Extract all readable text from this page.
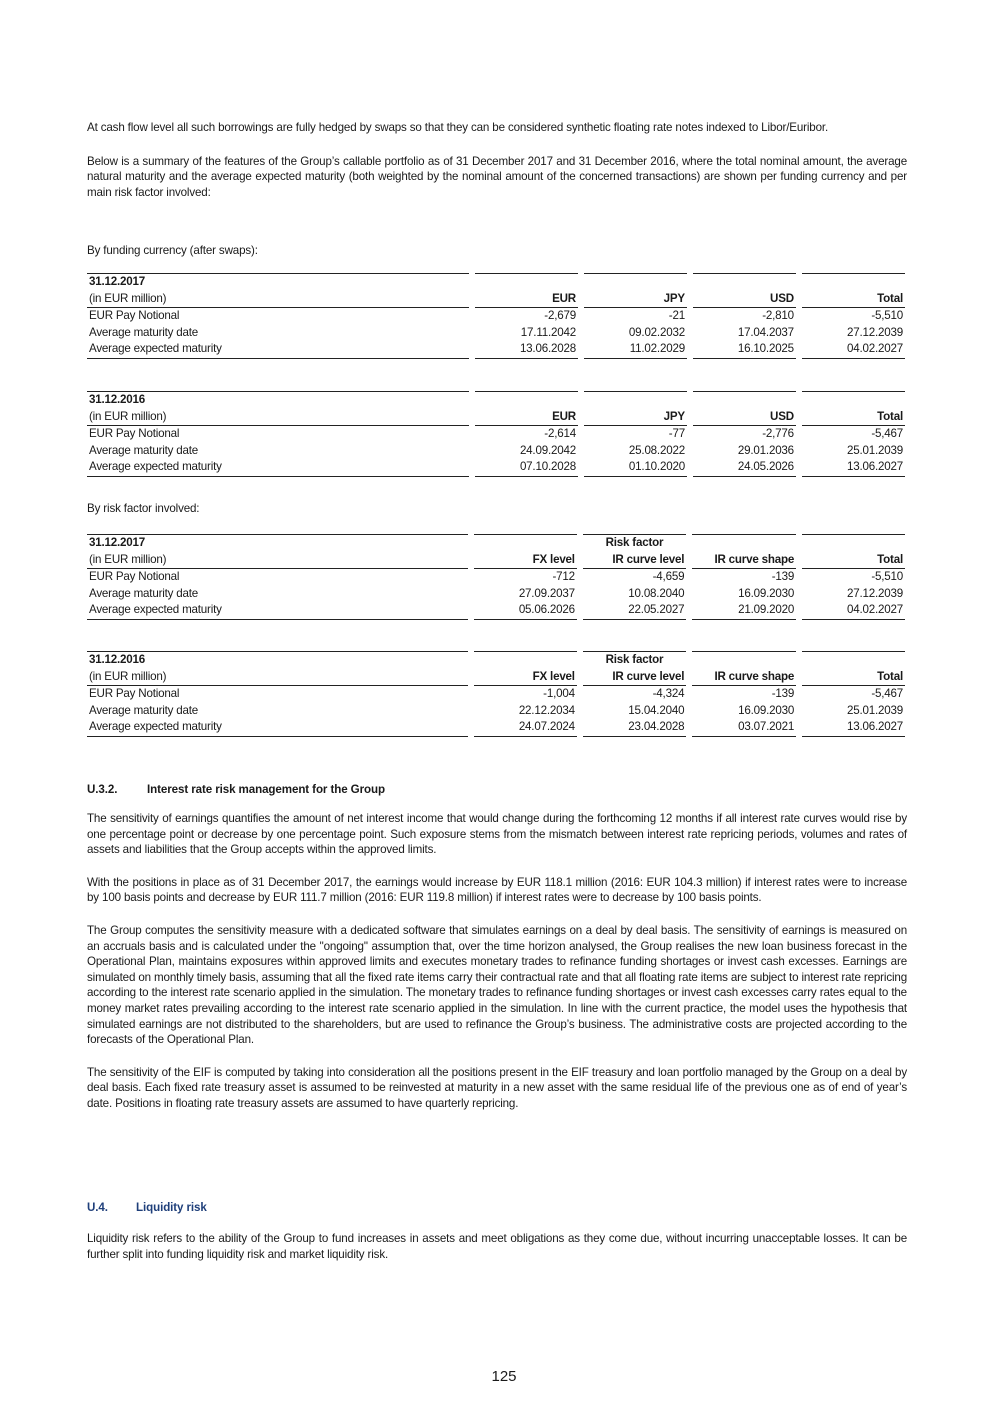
At cash flow level all such borrowings are fully hedged by swaps so that they can be considered synthetic floating rate notes indexed to Libor/Euribor.

Below is a summary of the features of the Group’s callable portfolio as of 31 December 2017 and 31 December 2016, where the total nominal amount, the average natural maturity and the average expected maturity (both weighted by the nominal amount of the concerned transactions) are shown per funding currency and per main risk factor involved:

By funding currency (after swaps):
31.12.2017								
(in EUR million)		EUR		JPY		USD		Total
EUR Pay Notional		-2,679		-21		-2,810		-5,510
Average maturity date		17.11.2042		09.02.2032		17.04.2037		27.12.2039
Average expected maturity		13.06.2028		11.02.2029		16.10.2025		04.02.2027
31.12.2016								
(in EUR million)		EUR		JPY		USD		Total
EUR Pay Notional		-2,614		-77		-2,776		-5,467
Average maturity date		24.09.2042		25.08.2022		29.01.2036		25.01.2039
Average expected maturity		07.10.2028		01.10.2020		24.05.2026		13.06.2027
By risk factor involved:
31.12.2017				Risk factor				
(in EUR million)		FX level		IR curve level		IR curve shape		Total
EUR Pay Notional		-712		-4,659		-139		-5,510
Average maturity date		27.09.2037		10.08.2040		16.09.2030		27.12.2039
Average expected maturity		05.06.2026		22.05.2027		21.09.2020		04.02.2027
31.12.2016				Risk factor				
(in EUR million)		FX level		IR curve level		IR curve shape		Total
EUR Pay Notional		-1,004		-4,324		-139		-5,467
Average maturity date		22.12.2034		15.04.2040		16.09.2030		25.01.2039
Average expected maturity		24.07.2024		23.04.2028		03.07.2021		13.06.2027
U.3.2.	Interest rate risk management for the Group

The sensitivity of earnings quantifies the amount of net interest income that would change during the forthcoming 12 months if all interest rate curves would rise by one percentage point or decrease by one percentage point. Such exposure stems from the mismatch between interest rate repricing periods, volumes and rates of assets and liabilities that the Group accepts within the approved limits.

With the positions in place as of 31 December 2017, the earnings would increase by EUR 118.1 million (2016: EUR 104.3 million) if interest rates were to increase by 100 basis points and decrease by EUR 111.7 million (2016: EUR 119.8 million) if interest rates were to decrease by 100 basis points.

The Group computes the sensitivity measure with a dedicated software that simulates earnings on a deal by deal basis. The sensitivity of earnings is measured on an accruals basis and is calculated under the "ongoing" assumption that, over the time horizon analysed, the Group realises the new loan business forecast in the Operational Plan, maintains exposures within approved limits and executes monetary trades to refinance funding shortages or invest cash excesses. Earnings are simulated on monthly timely basis, assuming that all the fixed rate items carry their contractual rate and that all floating rate items are subject to interest rate repricing according to the interest rate scenario applied in the simulation. The monetary trades to refinance funding shortages or invest cash excesses carry rates equal to the money market rates prevailing according to the interest rate scenario applied in the simulation. In line with the current practice, the model uses the hypothesis that simulated earnings are not distributed to the shareholders, but are used to refinance the Group’s business. The administrative costs are projected according to the forecasts of the Operational Plan.

The sensitivity of the EIF is computed by taking into consideration all the positions present in the EIF treasury and loan portfolio managed by the Group on a deal by deal basis. Each fixed rate treasury asset is assumed to be reinvested at maturity in a new asset with the same residual life of the previous one as of end of year’s date. Positions in floating rate treasury assets are assumed to have quarterly repricing.

U.4. Liquidity risk

Liquidity risk refers to the ability of the Group to fund increases in assets and meet obligations as they come due, without incurring unacceptable losses. It can be further split into funding liquidity risk and market liquidity risk.

125
